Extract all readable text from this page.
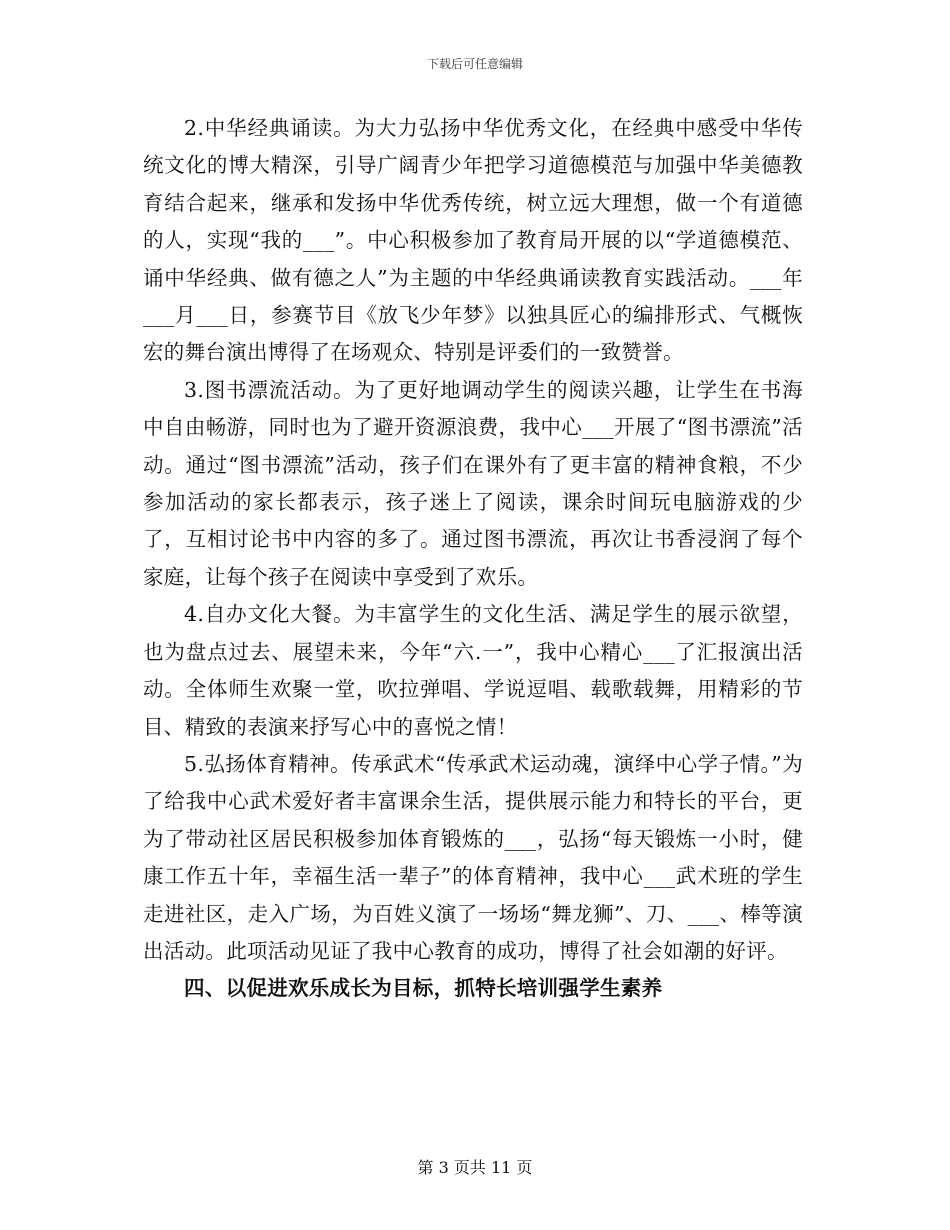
下载后可任意编辑

2.中华经典诵读。为大力弘扬中华优秀文化，在经典中感受中华传统文化的博大精深，引导广阔青少年把学习道德模范与加强中华美德教育结合起来，继承和发扬中华优秀传统，树立远大理想，做一个有道德的人，实现“我的___”。中心积极参加了教育局开展的以“学道德模范、诵中华经典、做有德之人”为主题的中华经典诵读教育实践活动。___年___月___日，参赛节目《放飞少年梦》以独具匠心的编排形式、气概恢宏的舞台演出博得了在场观众、特别是评委们的一致赞誉。

3.图书漂流活动。为了更好地调动学生的阅读兴趣，让学生在书海中自由畅游，同时也为了避开资源浪费，我中心___开展了“图书漂流”活动。通过“图书漂流”活动，孩子们在课外有了更丰富的精神食粮，不少参加活动的家长都表示，孩子迷上了阅读，课余时间玩电脑游戏的少了，互相讨论书中内容的多了。通过图书漂流，再次让书香浸润了每个家庭，让每个孩子在阅读中享受到了欢乐。

4.自办文化大餐。为丰富学生的文化生活、满足学生的展示欲望，也为盘点过去、展望未来，今年“六.一”，我中心精心___了汇报演出活动。全体师生欢聚一堂，吹拉弹唱、学说逗唱、载歌载舞，用精彩的节目、精致的表演来抒写心中的喜悦之情！

5.弘扬体育精神。传承武术“传承武术运动魂，演绎中心学子情。”为了给我中心武术爱好者丰富课余生活，提供展示能力和特长的平台，更为了带动社区居民积极参加体育锻炼的___，弘扬“每天锻炼一小时，健康工作五十年，幸福生活一辈子”的体育精神，我中心___武术班的学生走进社区，走入广场，为百姓义演了一场场“舞龙狮”、刀、___、棒等演出活动。此项活动见证了我中心教育的成功，博得了社会如潮的好评。

四、以促进欢乐成长为目标，抓特长培训强学生素养

第 3 页共 11 页
